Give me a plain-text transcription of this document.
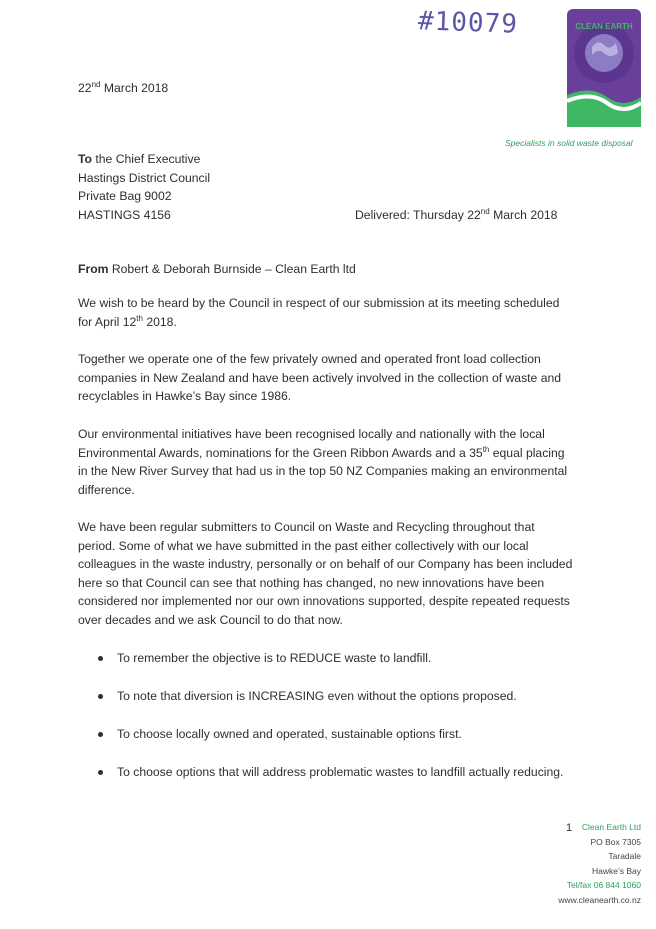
#10079	CLEAN EARTH
Specialists in solid waste disposal
22nd March 2018
To the Chief Executive
Hastings District Council
Private Bag 9002
HASTINGS 4156	Delivered: Thursday 22nd March 2018
From Robert & Deborah Burnside – Clean Earth ltd
We wish to be heard by the Council in respect of our submission at its meeting scheduled
for April 12th 2018.
Together we operate one of the few privately owned and operated front load collection
companies in New Zealand and have been actively involved in the collection of waste and
recyclables in Hawke’s Bay since 1986.
Our environmental initiatives have been recognised locally and nationally with the local
Environmental Awards, nominations for the Green Ribbon Awards and a 35th equal placing
in the New River Survey that had us in the top 50 NZ Companies making an environmental
difference.
We have been regular submitters to Council on Waste and Recycling throughout that
period. Some of what we have submitted in the past either collectively with our local
colleagues in the waste industry, personally or on behalf of our Company has been included
here so that Council can see that nothing has changed, no new innovations have been
considered nor implemented nor our own innovations supported, despite repeated requests
over decades and we ask Council to do that now.
To remember the objective is to REDUCE waste to landfill.
To note that diversion is INCREASING even without the options proposed.
To choose locally owned and operated, sustainable options first.
To choose options that will address problematic wastes to landfill actually reducing.
1	Clean Earth Ltd
PO Box 7305
Taradale
Hawke’s Bay
Tel/fax 06 844 1060
www.cleanearth.co.nz
